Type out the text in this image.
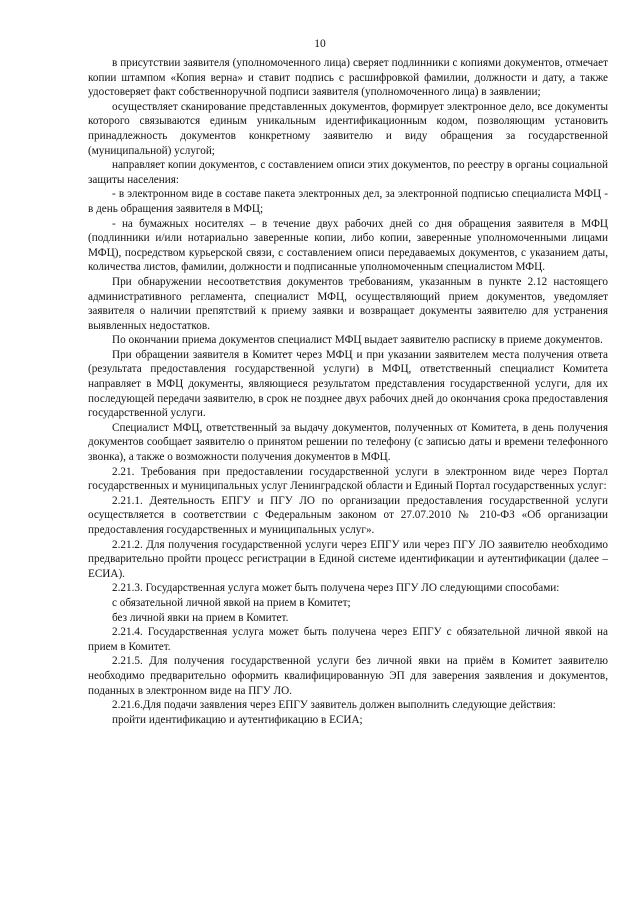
10

в присутствии заявителя (уполномоченного лица) сверяет подлинники с копиями документов, отмечает копии штампом «Копия верна» и ставит подпись с расшифровкой фамилии, должности и дату, а также удостоверяет факт собственноручной подписи заявителя (уполномоченного лица) в заявлении;

осуществляет сканирование представленных документов, формирует электронное дело, все документы которого связываются единым уникальным идентификационным кодом, позволяющим установить принадлежность документов конкретному заявителю и виду обращения за государственной (муниципальной) услугой;

направляет копии документов, с составлением описи этих документов, по реестру в органы социальной защиты населения:

- в электронном виде в составе пакета электронных дел, за электронной подписью специалиста МФЦ - в день обращения заявителя в МФЦ;

- на бумажных носителях – в течение двух рабочих дней со дня обращения заявителя в МФЦ (подлинники и/или нотариально заверенные копии, либо копии, заверенные уполномоченными лицами МФЦ), посредством курьерской связи, с составлением описи передаваемых документов, с указанием даты, количества листов, фамилии, должности и подписанные уполномоченным специалистом МФЦ.

При обнаружении несоответствия документов требованиям, указанным в пункте 2.12 настоящего административного регламента, специалист МФЦ, осуществляющий прием документов, уведомляет заявителя о наличии препятствий к приему заявки и возвращает документы заявителю для устранения выявленных недостатков.

По окончании приема документов специалист МФЦ выдает заявителю расписку в приеме документов.

При обращении заявителя в Комитет через МФЦ и при указании заявителем места получения ответа (результата предоставления государственной услуги) в МФЦ, ответственный специалист Комитета направляет в МФЦ документы, являющиеся результатом представления государственной услуги, для их последующей передачи заявителю, в срок не позднее двух рабочих дней до окончания срока предоставления государственной услуги.

Специалист МФЦ, ответственный за выдачу документов, полученных от Комитета, в день получения документов сообщает заявителю о принятом решении по телефону (с записью даты и времени телефонного звонка), а также о возможности получения документов в МФЦ.

2.21. Требования при предоставлении государственной услуги в электронном виде через Портал государственных и муниципальных услуг Ленинградской области и Единый Портал государственных услуг:

2.21.1. Деятельность ЕПГУ и ПГУ ЛО по организации предоставления государственной услуги осуществляется в соответствии с Федеральным законом от 27.07.2010 № 210-ФЗ «Об организации предоставления государственных и муниципальных услуг».

2.21.2. Для получения государственной услуги через ЕПГУ или через ПГУ ЛО заявителю необходимо предварительно пройти процесс регистрации в Единой системе идентификации и аутентификации (далее – ЕСИА).

2.21.3. Государственная услуга может быть получена через ПГУ ЛО следующими способами:

с обязательной личной явкой на прием в Комитет;

без личной явки на прием в Комитет.

2.21.4. Государственная услуга может быть получена через ЕПГУ с обязательной личной явкой на прием в Комитет.

2.21.5. Для получения государственной услуги без личной явки на приём в Комитет заявителю необходимо предварительно оформить квалифицированную ЭП для заверения заявления и документов, поданных в электронном виде на ПГУ ЛО.

2.21.6.Для подачи заявления через ЕПГУ заявитель должен выполнить следующие действия:

пройти идентификацию и аутентификацию в ЕСИА;
